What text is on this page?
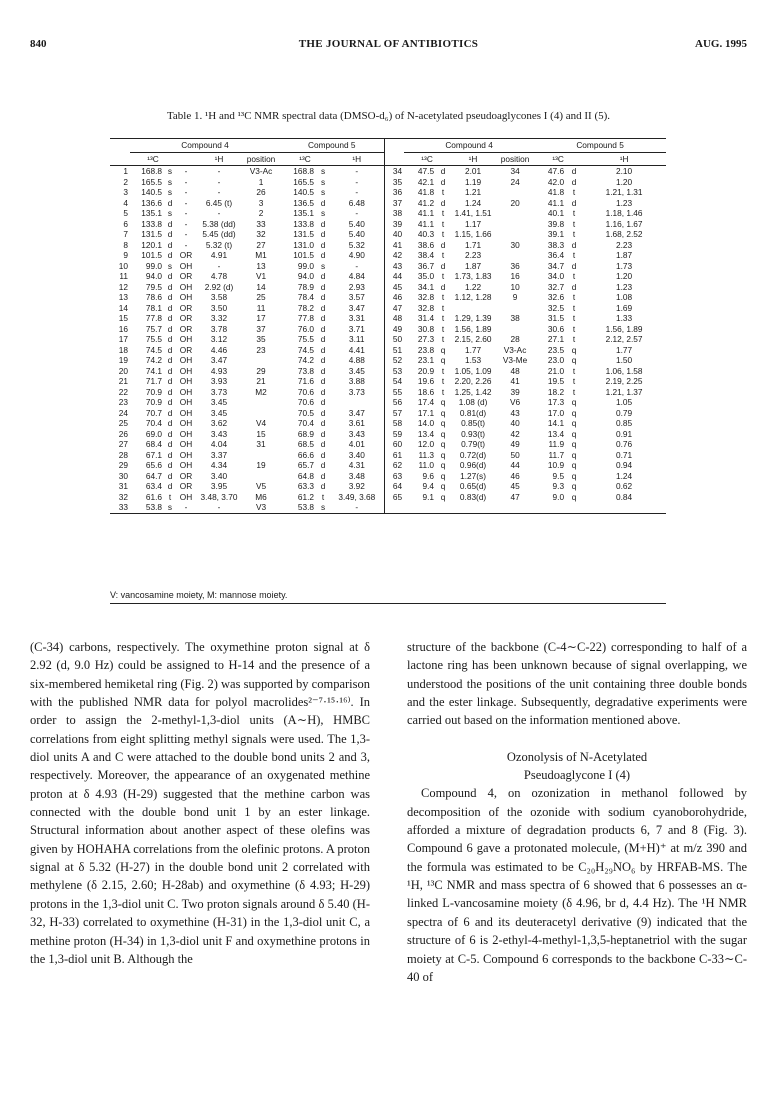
840	THE JOURNAL OF ANTIBIOTICS	AUG. 1995
Table 1. ¹H and ¹³C NMR spectral data (DMSO-d₆) of N-acetylated pseudoaglycones I (4) and II (5).
	Compound 4					Compound 5				Compound 4				Compound 5		
	¹³C			¹H	position	¹³C		¹H		¹³C		¹H	position	¹³C		¹H
1	168.8	s	-	-	V3-Ac	168.8	s	-	34	47.5	d	2.01	34	47.6	d	2.10
2	165.5	s	-	-	1	165.5	s	-	35	42.1	d	1.19	24	42.0	d	1.20
3	140.5	s	-	-	26	140.5	s	-	36	41.8	t	1.21		41.8	t	1.21, 1.31
4	136.6	d	-	6.45 (t)	3	136.5	d	6.48	37	41.2	d	1.24	20	41.1	d	1.23
5	135.1	s	-	-	2	135.1	s	-	38	41.1	t	1.41, 1.51		40.1	t	1.18, 1.46
6	133.8	d	-	5.38 (dd)	33	133.8	d	5.40	39	41.1	t	1.17		39.8	t	1.16, 1.67
7	131.5	d	-	5.45 (dd)	32	131.5	d	5.40	40	40.3	t	1.15, 1.66		39.1	t	1.68, 2.52
8	120.1	d	-	5.32 (t)	27	131.0	d	5.32	41	38.6	d	1.71	30	38.3	d	2.23
9	101.5	d	OR	4.91	M1	101.5	d	4.90	42	38.4	t	2.23		36.4	t	1.87
10	99.0	s	OH	-	13	99.0	s	-	43	36.7	d	1.87	36	34.7	d	1.73
11	94.0	d	OR	4.78	V1	94.0	d	4.84	44	35.0	t	1.73, 1.83	16	34.0	t	1.20
12	79.5	d	OH	2.92 (d)	14	78.9	d	2.93	45	34.1	d	1.22	10	32.7	d	1.23
13	78.6	d	OH	3.58	25	78.4	d	3.57	46	32.8	t	1.12, 1.28	9	32.6	t	1.08
14	78.1	d	OR	3.50	11	78.2	d	3.47	47	32.8	t			32.5	t	1.69
15	77.8	d	OR	3.32	17	77.8	d	3.31	48	31.4	t	1.29, 1.39	38	31.5	t	1.33
16	75.7	d	OR	3.78	37	76.0	d	3.71	49	30.8	t	1.56, 1.89		30.6	t	1.56, 1.89
17	75.5	d	OH	3.12	35	75.5	d	3.11	50	27.3	t	2.15, 2.60	28	27.1	t	2.12, 2.57
18	74.5	d	OR	4.46	23	74.5	d	4.41	51	23.8	q	1.77	V3-Ac	23.5	q	1.77
19	74.2	d	OH	3.47		74.2	d	4.88	52	23.1	q	1.53	V3-Me	23.0	q	1.50
20	74.1	d	OH	4.93	29	73.8	d	3.45	53	20.9	t	1.05, 1.09	48	21.0	t	1.06, 1.58
21	71.7	d	OH	3.93	21	71.6	d	3.88	54	19.6	t	2.20, 2.26	41	19.5	t	2.19, 2.25
22	70.9	d	OH	3.73	M2	70.6	d	3.73	55	18.6	t	1.25, 1.42	39	18.2	t	1.21, 1.37
23	70.9	d	OH	3.45		70.6	d		56	17.4	q	1.08 (d)	V6	17.3	q	1.05
24	70.7	d	OH	3.45		70.5	d	3.47	57	17.1	q	0.81(d)	43	17.0	q	0.79
25	70.4	d	OH	3.62	V4	70.4	d	3.61	58	14.0	q	0.85(t)	40	14.1	q	0.85
26	69.0	d	OH	3.43	15	68.9	d	3.43	59	13.4	q	0.93(t)	42	13.4	q	0.91
27	68.4	d	OH	4.04	31	68.5	d	4.01	60	12.0	q	0.79(t)	49	11.9	q	0.76
28	67.1	d	OH	3.37		66.6	d	3.40	61	11.3	q	0.72(d)	50	11.7	q	0.71
29	65.6	d	OH	4.34	19	65.7	d	4.31	62	11.0	q	0.96(d)	44	10.9	q	0.94
30	64.7	d	OR	3.40		64.8	d	3.48	63	9.6	q	1.27(s)	46	9.5	q	1.24
31	63.4	d	OR	3.95	V5	63.3	d	3.92	64	9.4	q	0.65(d)	45	9.3	q	0.62
32	61.6	t	OH	3.48, 3.70	M6	61.2	t	3.49, 3.68	65	9.1	q	0.83(d)	47	9.0	q	0.84
33	53.8	s	-	-	V3	53.8	s	-								
V: vancosamine moiety, M: mannose moiety.

(C-34) carbons, respectively. The oxymethine proton signal at δ 2.92 (d, 9.0 Hz) could be assigned to H-14 and the presence of a six-membered hemiketal ring (Fig. 2) was supported by comparison with the published NMR data for polyol macrolides²⁻⁷·¹⁵·¹⁶⁾. In order to assign the 2-methyl-1,3-diol units (A∼H), HMBC correlations from eight splitting methyl signals were used. The 1,3-diol units A and C were attached to the double bond units 2 and 3, respectively. Moreover, the appearance of an oxygenated methine proton at δ 4.93 (H-29) suggested that the methine carbon was connected with the double bond unit 1 by an ester linkage. Structural information about another aspect of these olefins was given by HOHAHA correlations from the olefinic protons. A proton signal at δ 5.32 (H-27) in the double bond unit 2 correlated with methylene (δ 2.15, 2.60; H-28ab) and oxymethine (δ 4.93; H-29) protons in the 1,3-diol unit C. Two proton signals around δ 5.40 (H-32, H-33) correlated to oxymethine (H-31) in the 1,3-diol unit C, a methine proton (H-34) in 1,3-diol unit F and oxymethine protons in the 1,3-diol unit B. Although the

structure of the backbone (C-4∼C-22) corresponding to half of a lactone ring has been unknown because of signal overlapping, we understood the positions of the unit containing three double bonds and the ester linkage. Subsequently, degradative experiments were carried out based on the information mentioned above.

Ozonolysis of N-Acetylated

Pseudoaglycone I (4)

Compound 4, on ozonization in methanol followed by decomposition of the ozonide with sodium cyanoborohydride, afforded a mixture of degradation products 6, 7 and 8 (Fig. 3). Compound 6 gave a protonated molecule, (M+H)⁺ at m/z 390 and the formula was estimated to be C₂₀H₂₉NO₆ by HRFAB-MS. The ¹H, ¹³C NMR and mass spectra of 6 showed that 6 possesses an α-linked L-vancosamine moiety (δ 4.96, br d, 4.4 Hz). The ¹H NMR spectra of 6 and its deuteracetyl derivative (9) indicated that the structure of 6 is 2-ethyl-4-methyl-1,3,5-heptanetriol with the sugar moiety at C-5. Compound 6 corresponds to the backbone C-33∼C-40 of
